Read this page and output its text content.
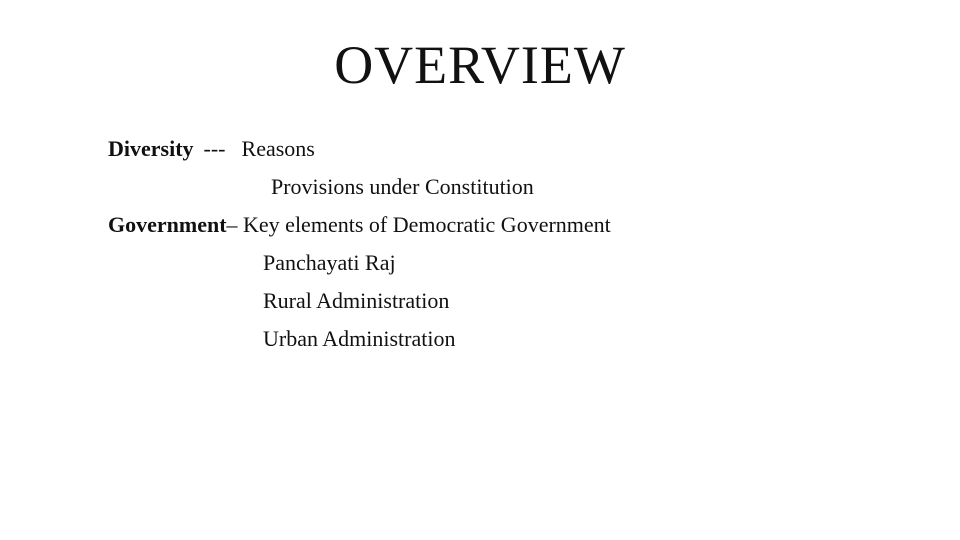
OVERVIEW
Diversity --- Reasons
Provisions under Constitution
Government– Key elements of Democratic Government
Panchayati Raj
Rural Administration
Urban Administration
